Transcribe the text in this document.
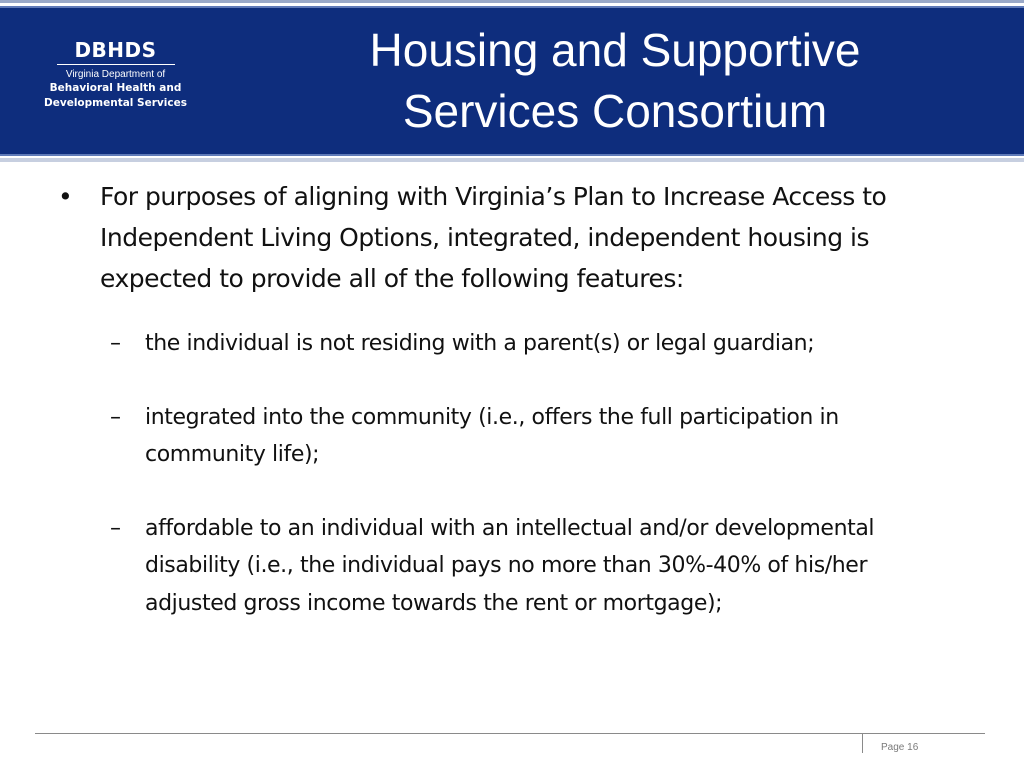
DBHDS
Virginia Department of
Behavioral Health and
Developmental Services
Housing and Supportive
Services Consortium
•	For purposes of aligning with Virginia’s Plan to Increase Access to Independent Living Options, integrated, independent housing is expected to provide all of the following features:
–	the individual is not residing with a parent(s) or legal guardian;
–	integrated into the community (i.e., offers the full participation in community life);
–	affordable to an individual with an intellectual and/or developmental disability (i.e., the individual pays no more than 30%-40% of his/her adjusted gross income towards the rent or mortgage);
Page 16
